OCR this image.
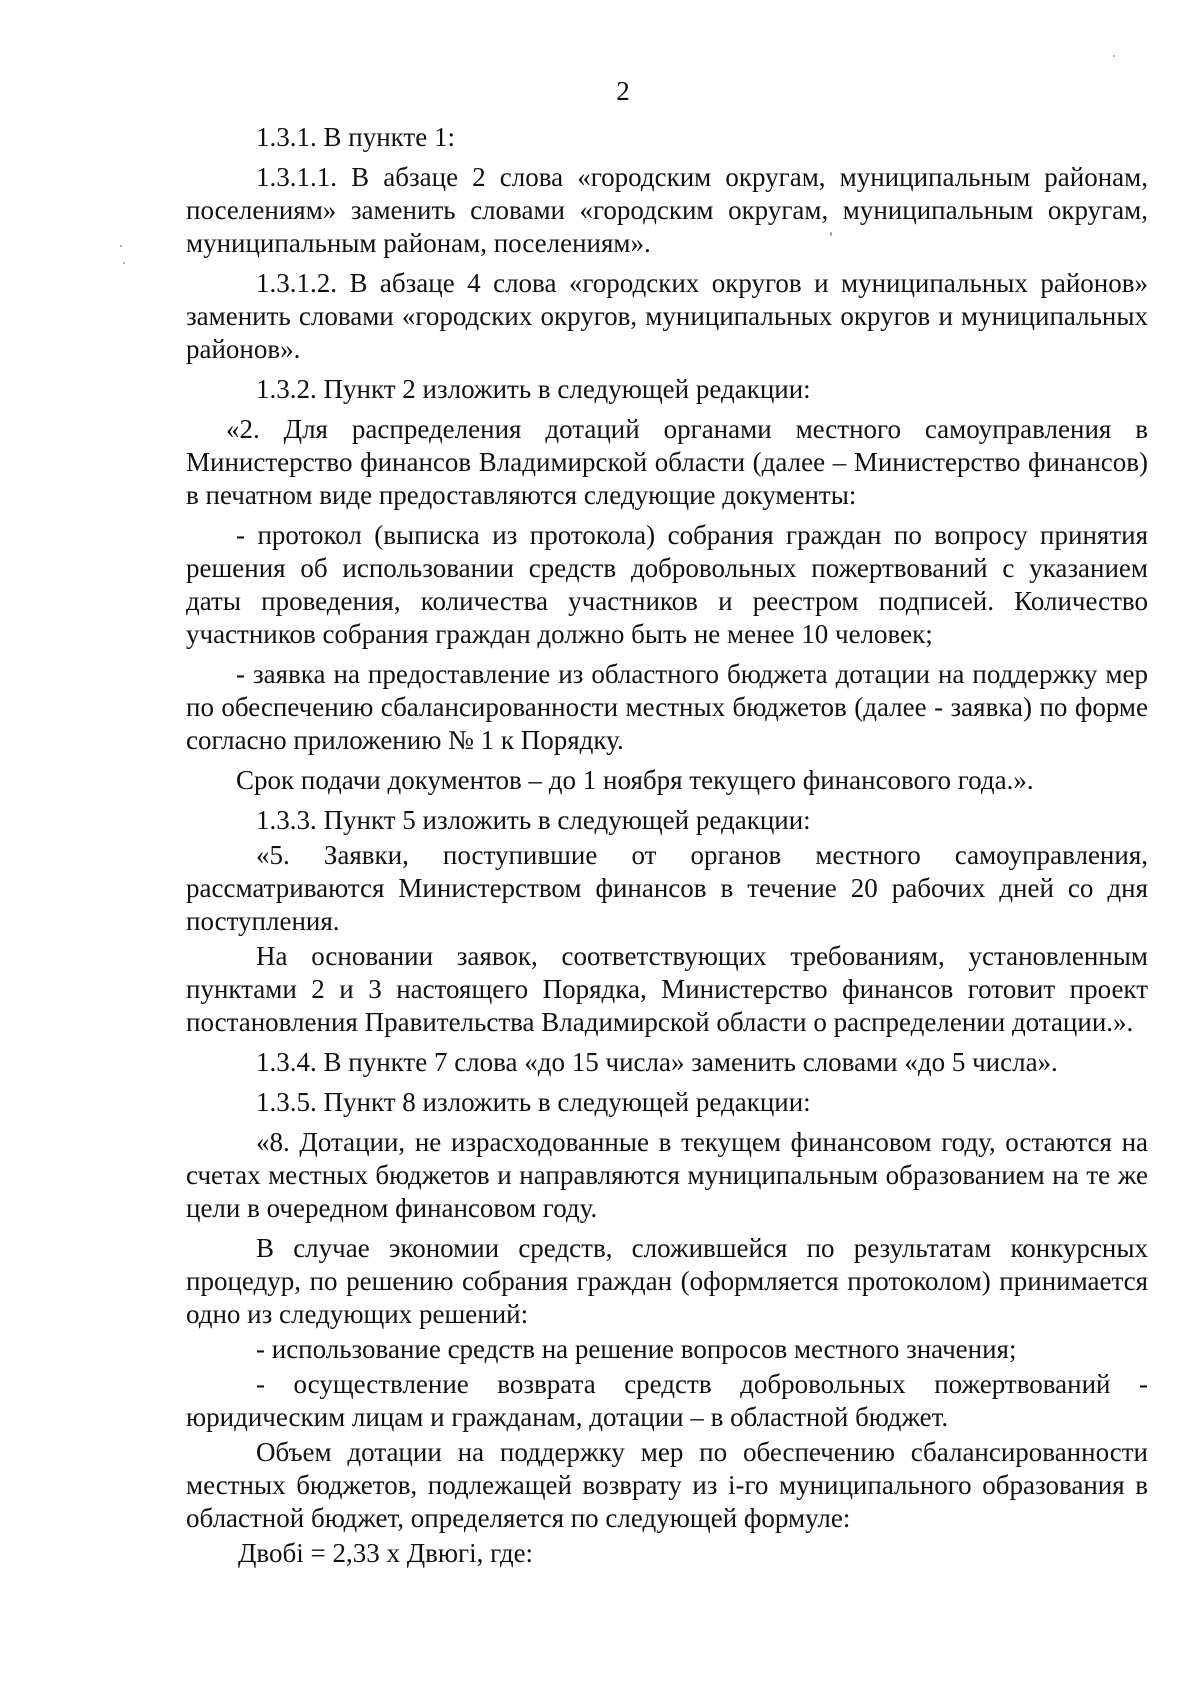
2

1.3.1. В пункте 1:

1.3.1.1. В абзаце 2 слова «городским округам, муниципальным районам, поселениям» заменить словами «городским округам, муниципальным округам, муниципальным районам, поселениям».

1.3.1.2. В абзаце 4 слова «городских округов и муниципальных районов» заменить словами «городских округов, муниципальных округов и муниципальных районов».

1.3.2. Пункт 2 изложить в следующей редакции:

«2. Для распределения дотаций органами местного самоуправления в Министерство финансов Владимирской области (далее – Министерство финансов) в печатном виде предоставляются следующие документы:

- протокол (выписка из протокола) собрания граждан по вопросу принятия решения об использовании средств добровольных пожертвований с указанием даты проведения, количества участников и реестром подписей. Количество участников собрания граждан должно быть не менее 10 человек;

- заявка на предоставление из областного бюджета дотации на поддержку мер по обеспечению сбалансированности местных бюджетов (далее - заявка) по форме согласно приложению № 1 к Порядку.

Срок подачи документов – до 1 ноября текущего финансового года.».

1.3.3. Пункт 5 изложить в следующей редакции:

«5. Заявки, поступившие от органов местного самоуправления, рассматриваются Министерством финансов в течение 20 рабочих дней со дня поступления.

На основании заявок, соответствующих требованиям, установленным пунктами 2 и 3 настоящего Порядка, Министерство финансов готовит проект постановления Правительства Владимирской области о распределении дотации.».

1.3.4. В пункте 7 слова «до 15 числа» заменить словами «до 5 числа».

1.3.5. Пункт 8 изложить в следующей редакции:

«8. Дотации, не израсходованные в текущем финансовом году, остаются на счетах местных бюджетов и направляются муниципальным образованием на те же цели в очередном финансовом году.

В случае экономии средств, сложившейся по результатам конкурсных процедур, по решению собрания граждан (оформляется протоколом) принимается одно из следующих решений:

- использование средств на решение вопросов местного значения;

- осуществление возврата средств добровольных пожертвований - юридическим лицам и гражданам, дотации – в областной бюджет.

Объем дотации на поддержку мер по обеспечению сбалансированности местных бюджетов, подлежащей возврату из i-го муниципального образования в областной бюджет, определяется по следующей формуле:

Двобі = 2,33 х Двюгі, где:
